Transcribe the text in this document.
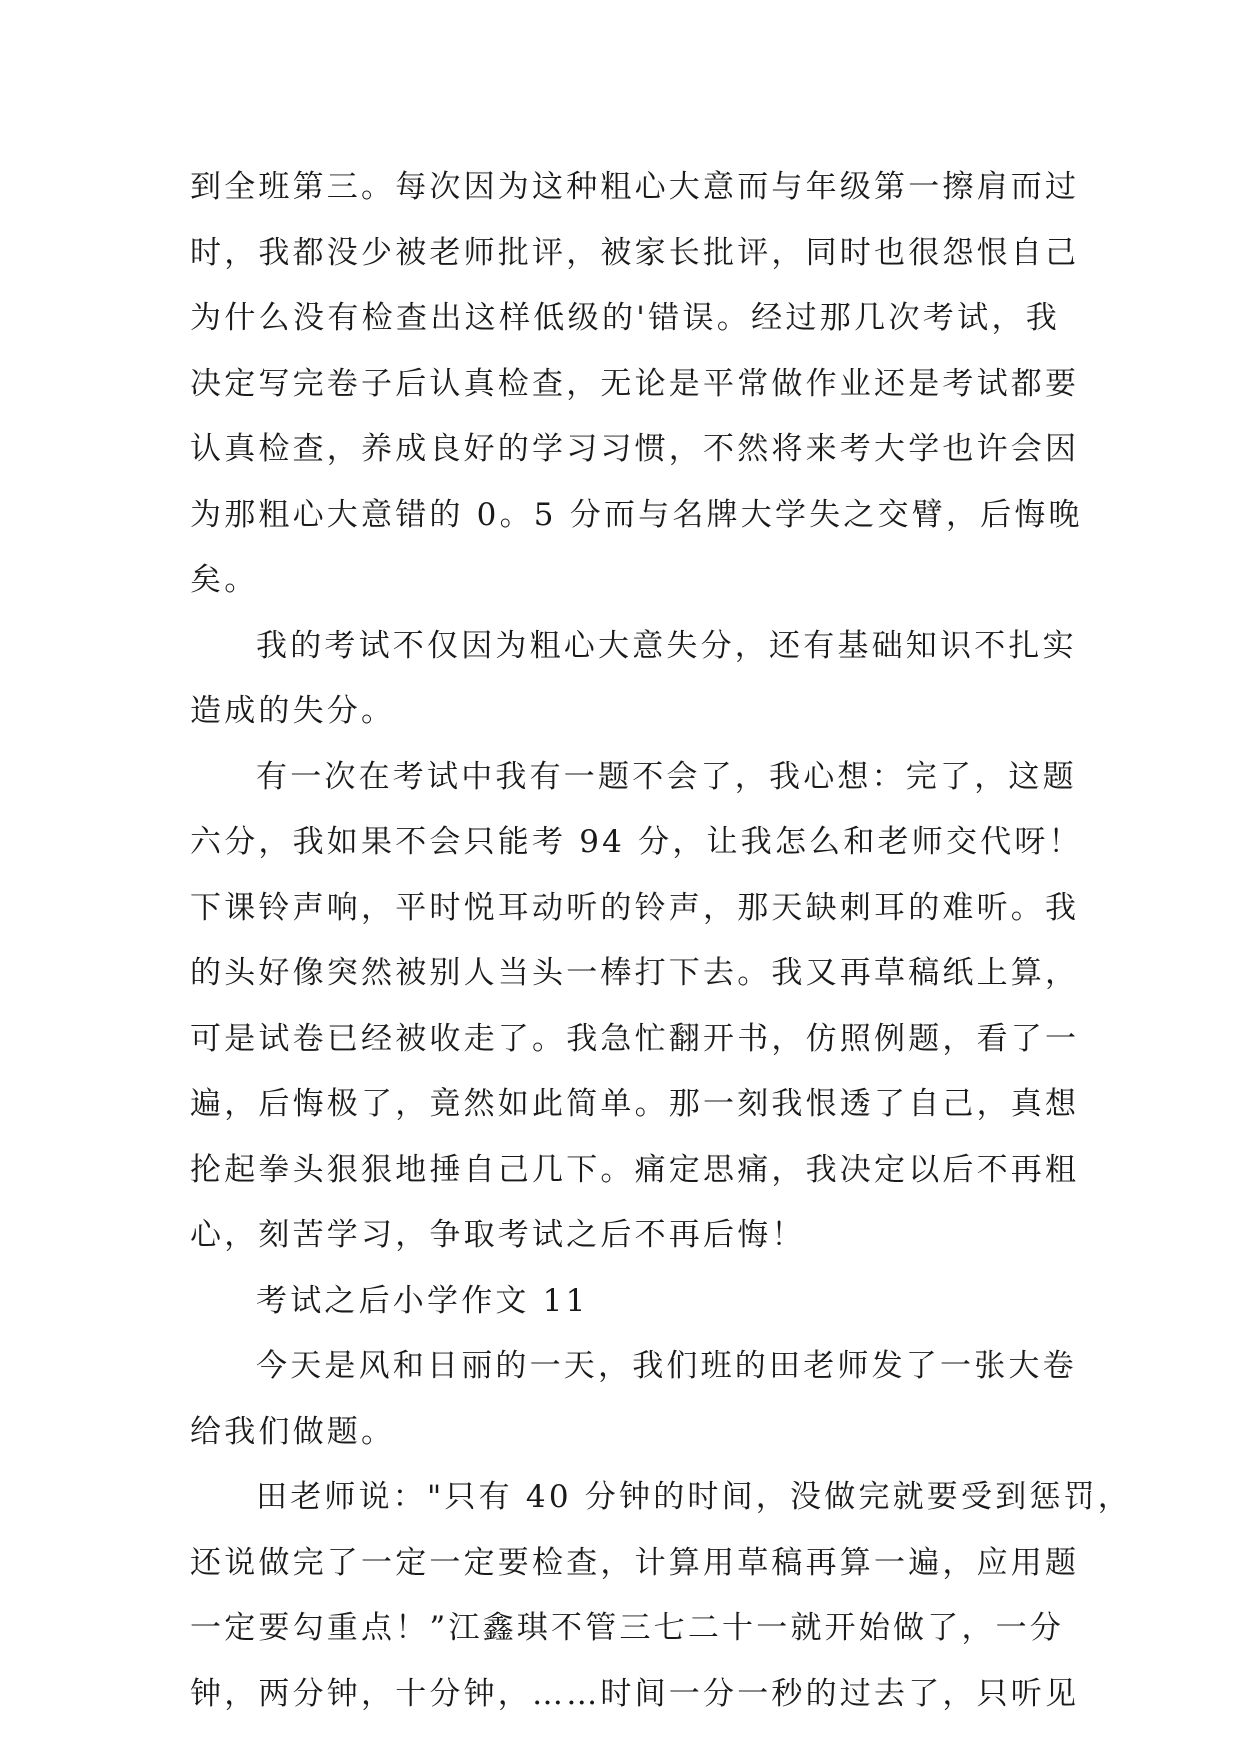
到全班第三。每次因为这种粗心大意而与年级第一擦肩而过
时，我都没少被老师批评，被家长批评，同时也很怨恨自己
为什么没有检查出这样低级的'错误。经过那几次考试，我
决定写完卷子后认真检查，无论是平常做作业还是考试都要
认真检查，养成良好的学习习惯，不然将来考大学也许会因
为那粗心大意错的 0。5 分而与名牌大学失之交臂，后悔晚
矣。
我的考试不仅因为粗心大意失分，还有基础知识不扎实
造成的失分。
有一次在考试中我有一题不会了，我心想：完了，这题
六分，我如果不会只能考 94 分，让我怎么和老师交代呀！
下课铃声响，平时悦耳动听的铃声，那天缺刺耳的难听。我
的头好像突然被别人当头一棒打下去。我又再草稿纸上算，
可是试卷已经被收走了。我急忙翻开书，仿照例题，看了一
遍，后悔极了，竟然如此简单。那一刻我恨透了自己，真想
抡起拳头狠狠地捶自己几下。痛定思痛，我决定以后不再粗
心，刻苦学习，争取考试之后不再后悔！
考试之后小学作文 11
今天是风和日丽的一天，我们班的田老师发了一张大卷
给我们做题。
田老师说："只有 40 分钟的时间，没做完就要受到惩罚，
还说做完了一定一定要检查，计算用草稿再算一遍，应用题
一定要勾重点！”江鑫琪不管三七二十一就开始做了，一分
钟，两分钟，十分钟，……时间一分一秒的过去了，只听见
